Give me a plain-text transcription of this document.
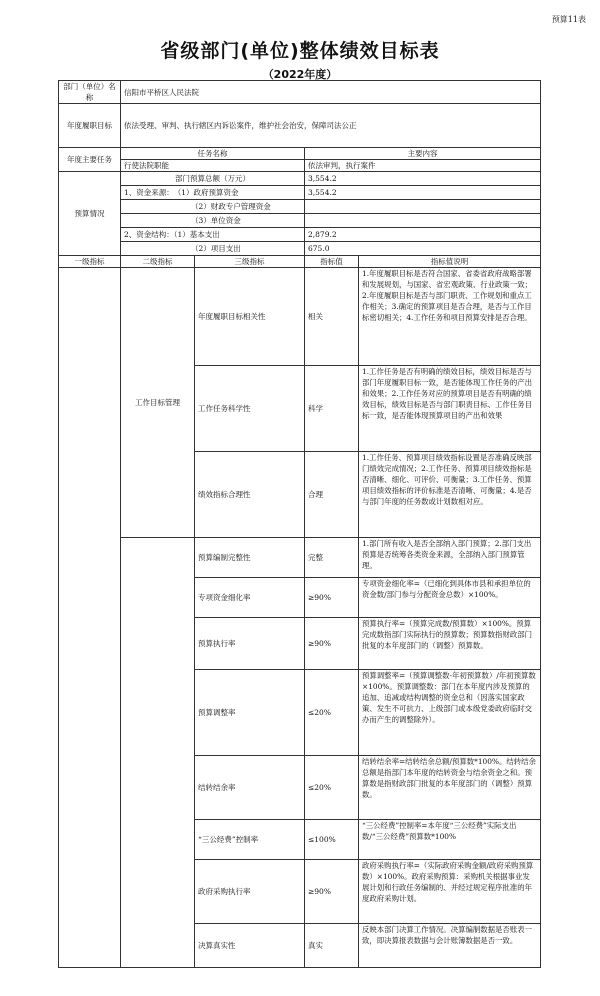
预算11表
省级部门(单位)整体绩效目标表
（2022年度）
部门（单位）名称	信阳市平桥区人民法院			
年度履职目标	依法受理、审判、执行辖区内诉讼案件，维护社会治安，保障司法公正			
年度主要任务	任务名称		主要内容	
	行使法院职能		依法审判，执行案件	
预算情况	部门预算总额（万元）		3,554.2	
	1、资金来源：　（1）政府预算资金		3,554.2	
	（2）财政专户管理资金			
	（3）单位资金			
	2、资金结构：（1）基本支出		2,879.2	
	（2）项目支出		675.0	
一级指标	二级指标	三级指标	指标值	指标值说明
	工作目标管理	年度履职目标相关性	相关	1.年度履职目标是否符合国家、省委省政府战略部署和发展规划，与国家、省宏观政策、行业政策一致；2.年度履职目标是否与部门职责、工作规划和重点工作相关；3.确定的预算项目是否合理，是否与工作目标密切相关；4.工作任务和项目预算安排是否合理。
		工作任务科学性	科学	1.工作任务是否有明确的绩效目标，绩效目标是否与部门年度履职目标一致，是否能体现工作任务的产出和效果；2.工作任务对应的预算项目是否有明确的绩效目标，绩效目标是否与部门职责目标、工作任务目标一致，是否能体现预算项目的产出和效果
		绩效指标合理性	合理	1.工作任务、预算项目绩效指标设置是否准确反映部门绩效完成情况；2.工作任务、预算项目绩效指标是否清晰、细化、可评价、可衡量；3.工作任务、预算项目绩效指标的评价标准是否清晰、可衡量；4.是否与部门年度的任务数或计划数相对应。
		预算编制完整性	完整	1.部门所有收入是否全部纳入部门预算；2.部门支出预算是否统筹各类资金来源，全部纳入部门预算管理。
		专项资金细化率	≥90%	专项资金细化率=（已细化到具体市县和承担单位的资金数/部门参与分配资金总数）×100%。
		预算执行率	≥90%	预算执行率=（预算完成数/预算数）×100%。预算完成数指部门实际执行的预算数；预算数指财政部门批复的本年度部门的（调整）预算数。
		预算调整率	≤20%	预算调整率=（预算调整数-年初预算数）/年初预算数×100%。预算调整数：部门在本年度内涉及预算的追加、追减或结构调整的资金总和（因落实国家政策、发生不可抗力、上级部门或本级党委政府临时交办而产生的调整除外）。
		结转结余率	≤20%	结转结余率=结转结余总额/预算数*100%。结转结余总额是指部门本年度的结转资金与结余资金之和。预算数是指财政部门批复的本年度部门的（调整）预算数。
		“三公经费”控制率	≤100%	“三公经费”控制率=本年度“三公经费”实际支出数/“三公经费”预算数*100%
		政府采购执行率	≥90%	政府采购执行率=（实际政府采购金额/政府采购预算数）×100%。政府采购预算：采购机关根据事业发展计划和行政任务编制的、并经过规定程序批准的年度政府采购计划。
		决算真实性	真实	反映本部门决算工作情况。决算编制数据是否账表一致，即决算报表数据与会计账簿数据是否一致。
